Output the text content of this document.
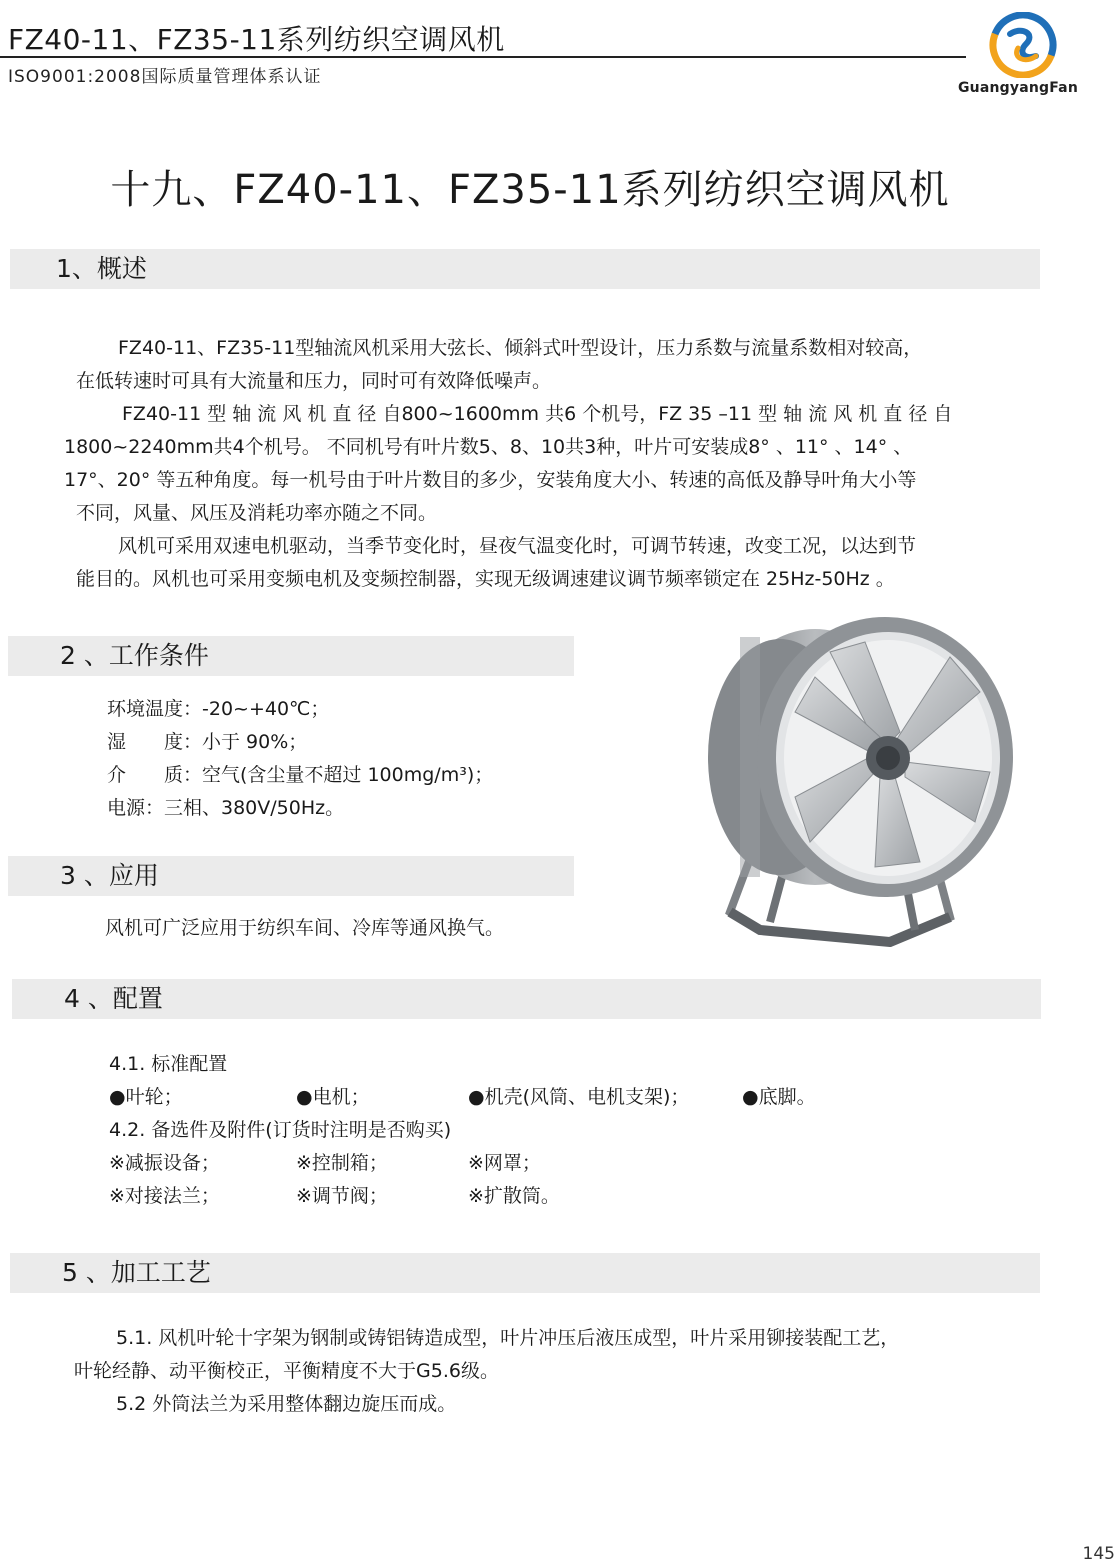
FZ40-11、FZ35-11系列纺织空调风机
ISO9001:2008国际质量管理体系认证
GuangyangFan
十九、FZ40-11、FZ35-11系列纺织空调风机
1、概述
FZ40-11、FZ35-11型轴流风机采用大弦长、倾斜式叶型设计，压力系数与流量系数相对较高，
在低转速时可具有大流量和压力，同时可有效降低噪声。
FZ40-11 型 轴 流 风 机 直 径 自800~1600mm 共6 个机号，FZ 35 –11 型 轴 流 风 机 直 径 自
1800~2240mm共4个机号。 不同机号有叶片数5、8、10共3种，叶片可安装成8° 、11° 、14° 、
17°、20° 等五种角度。每一机号由于叶片数目的多少，安装角度大小、转速的高低及静导叶角大小等
不同，风量、风压及消耗功率亦随之不同。
风机可采用双速电机驱动，当季节变化时，昼夜气温变化时，可调节转速，改变工况，以达到节
能目的。风机也可采用变频电机及变频控制器，实现无级调速建议调节频率锁定在 25Hz-50Hz 。
2 、工作条件
环境温度：-20~+40℃；
湿　　度：小于 90%；
介　　质：空气(含尘量不超过 100mg/m³)；
电源：三相、380V/50Hz。
3 、应用
风机可广泛应用于纺织车间、冷库等通风换气。
4 、配置
4.1. 标准配置
●叶轮；	●电机；	●机壳(风筒、电机支架)；	●底脚。
4.2. 备选件及附件(订货时注明是否购买)
※减振设备；	※控制箱；	※网罩；
※对接法兰；	※调节阀；	※扩散筒。
5 、加工工艺
5.1. 风机叶轮十字架为钢制或铸铝铸造成型，叶片冲压后液压成型，叶片采用铆接装配工艺，
叶轮经静、动平衡校正，平衡精度不大于G5.6级。
5.2 外筒法兰为采用整体翻边旋压而成。
145
